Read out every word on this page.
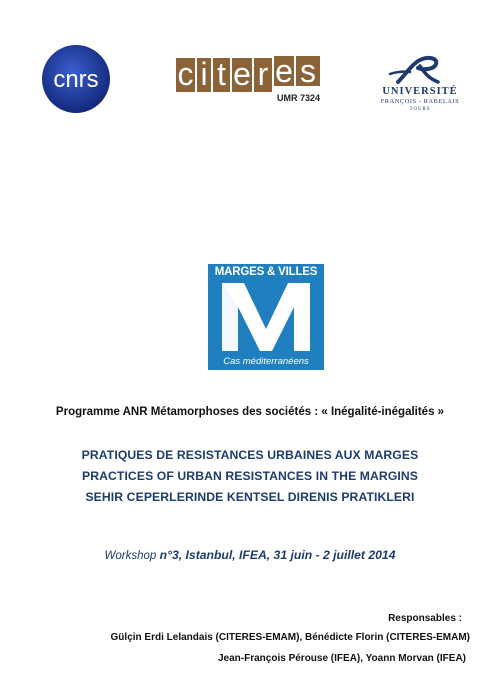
cnrs c i t e r e s
UMR 7324
UNIVERSITÉ
FRANÇOIS - RABELAIS
TOURS
MARGES & VILLES
Cas méditerranéens
Programme ANR Métamorphoses des sociétés : « Inégalité-inégalités »
PRATIQUES DE RESISTANCES URBAINES AUX MARGES
PRACTICES OF URBAN RESISTANCES IN THE MARGINS
SEHIR CEPERLERINDE KENTSEL DIRENIS PRATIKLERI
Workshop n°3, Istanbul, IFEA, 31 juin - 2 juillet 2014
Responsables :
Gülçin Erdi Lelandais (CITERES-EMAM), Bénédicte Florin (CITERES-EMAM)
Jean-François Pérouse (IFEA), Yoann Morvan (IFEA)
